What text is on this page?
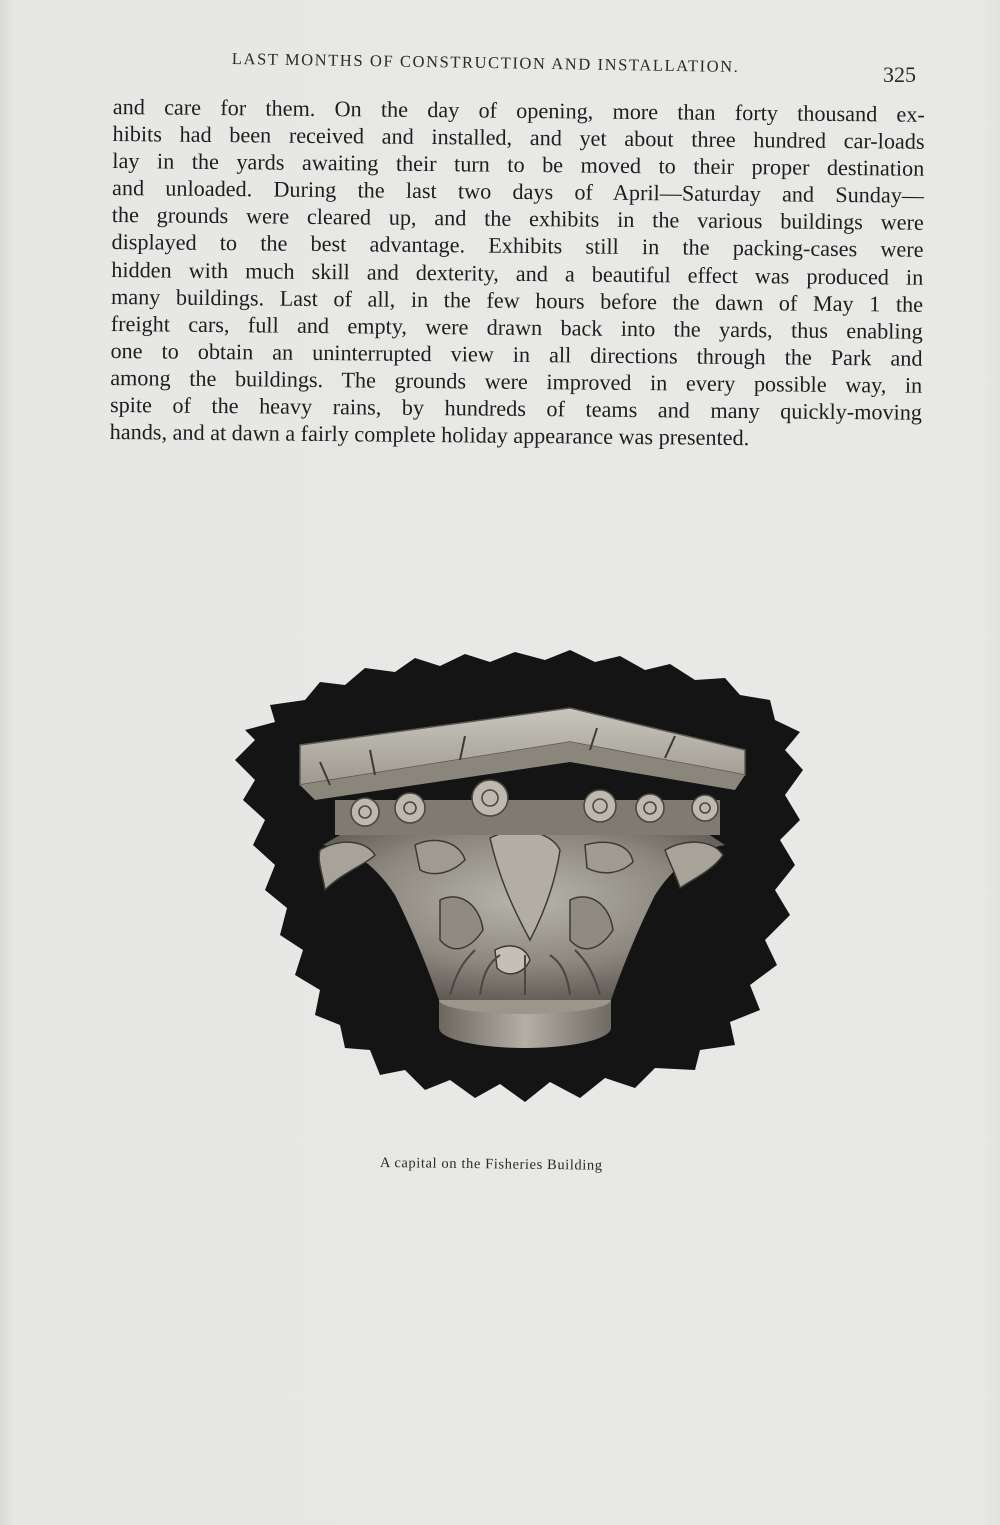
LAST MONTHS OF CONSTRUCTION AND INSTALLATION.	325
and care for them. On the day of opening, more than forty thousand ex-
hibits had been received and installed, and yet about three hundred car-loads
lay in the yards awaiting their turn to be moved to their proper destination
and unloaded. During the last two days of April—Saturday and Sunday—
the grounds were cleared up, and the exhibits in the various buildings were
displayed to the best advantage. Exhibits still in the packing-cases were
hidden with much skill and dexterity, and a beautiful effect was produced in
many buildings. Last of all, in the few hours before the dawn of May 1 the
freight cars, full and empty, were drawn back into the yards, thus enabling
one to obtain an uninterrupted view in all directions through the Park and
among the buildings. The grounds were improved in every possible way, in
spite of the heavy rains, by hundreds of teams and many quickly-moving
hands, and at dawn a fairly complete holiday appearance was presented.
A capital on the Fisheries Building
